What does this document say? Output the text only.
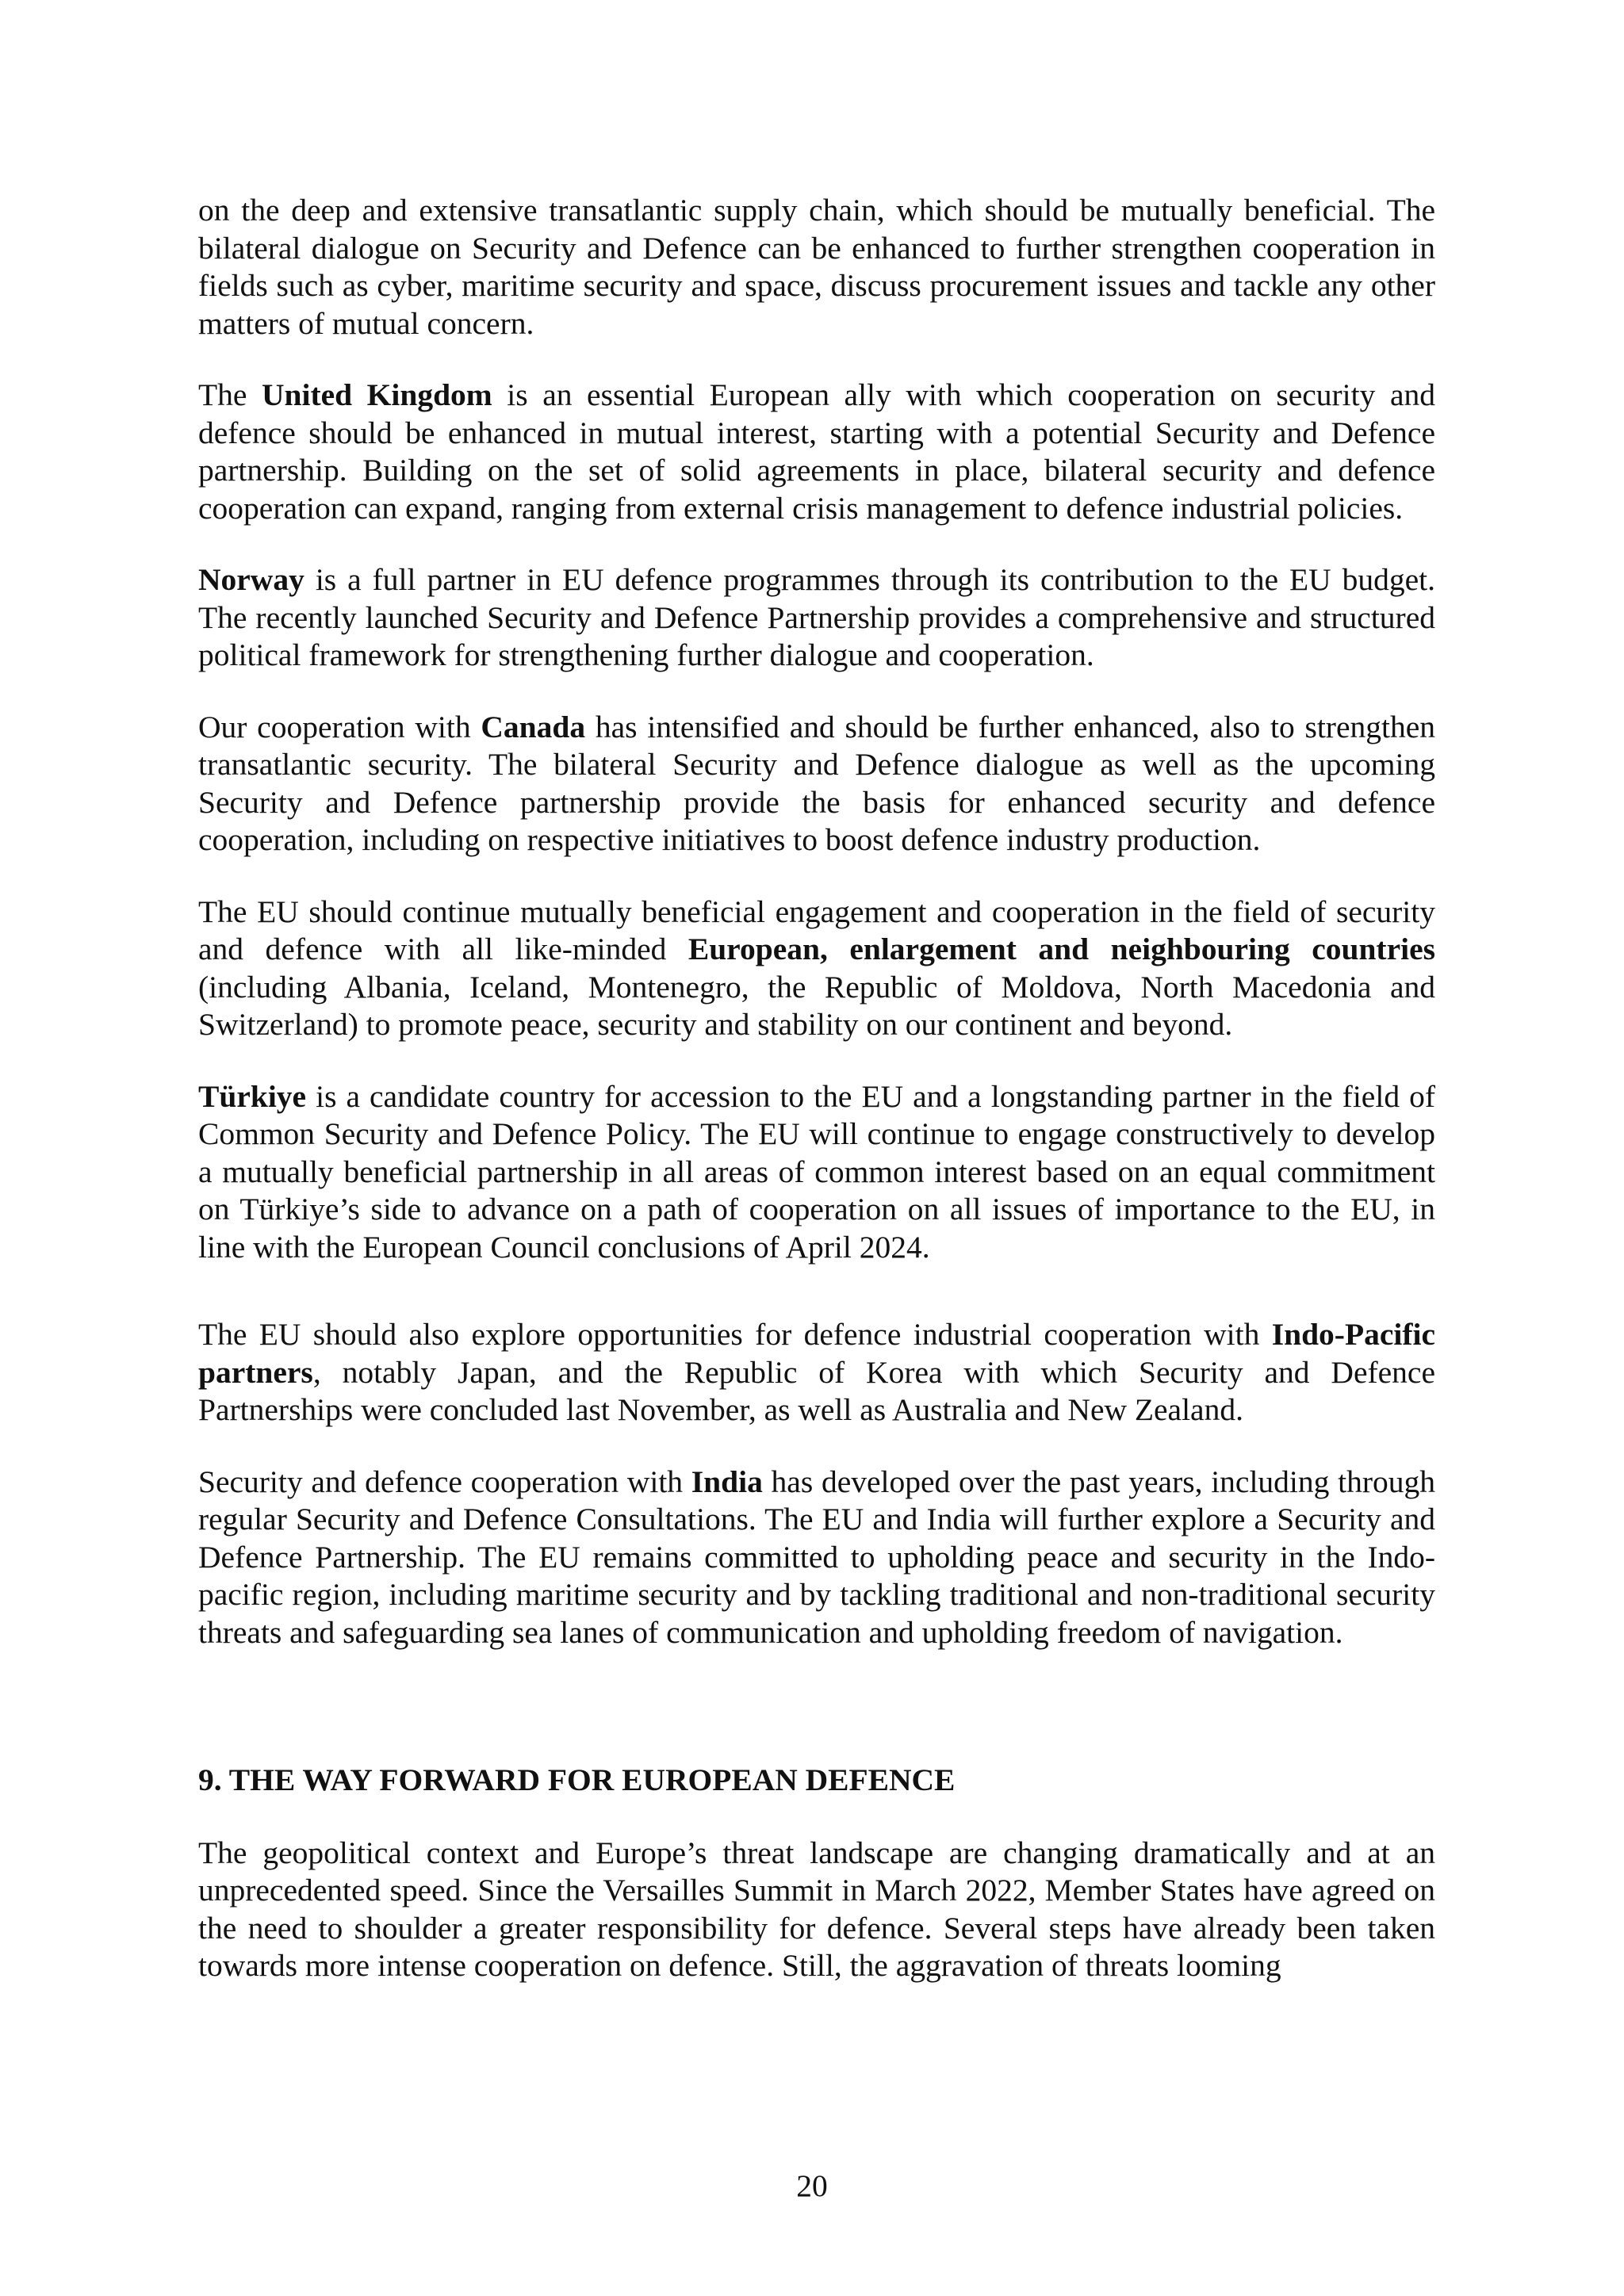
on the deep and extensive transatlantic supply chain, which should be mutually beneficial. The bilateral dialogue on Security and Defence can be enhanced to further strengthen cooperation in fields such as cyber, maritime security and space, discuss procurement issues and tackle any other matters of mutual concern.

The United Kingdom is an essential European ally with which cooperation on security and defence should be enhanced in mutual interest, starting with a potential Security and Defence partnership. Building on the set of solid agreements in place, bilateral security and defence cooperation can expand, ranging from external crisis management to defence industrial policies.

Norway is a full partner in EU defence programmes through its contribution to the EU budget. The recently launched Security and Defence Partnership provides a comprehensive and structured political framework for strengthening further dialogue and cooperation.

Our cooperation with Canada has intensified and should be further enhanced, also to strengthen transatlantic security. The bilateral Security and Defence dialogue as well as the upcoming Security and Defence partnership provide the basis for enhanced security and defence cooperation, including on respective initiatives to boost defence industry production.

The EU should continue mutually beneficial engagement and cooperation in the field of security and defence with all like-minded European, enlargement and neighbouring countries (including Albania, Iceland, Montenegro, the Republic of Moldova, North Macedonia and Switzerland) to promote peace, security and stability on our continent and beyond.

Türkiye is a candidate country for accession to the EU and a longstanding partner in the field of Common Security and Defence Policy. The EU will continue to engage constructively to develop a mutually beneficial partnership in all areas of common interest based on an equal commitment on Türkiye’s side to advance on a path of cooperation on all issues of importance to the EU, in line with the European Council conclusions of April 2024.

The EU should also explore opportunities for defence industrial cooperation with Indo-Pacific partners, notably Japan, and the Republic of Korea with which Security and Defence Partnerships were concluded last November, as well as Australia and New Zealand.

Security and defence cooperation with India has developed over the past years, including through regular Security and Defence Consultations. The EU and India will further explore a Security and Defence Partnership. The EU remains committed to upholding peace and security in the Indo-pacific region, including maritime security and by tackling traditional and non-traditional security threats and safeguarding sea lanes of communication and upholding freedom of navigation.

9. THE WAY FORWARD FOR EUROPEAN DEFENCE

The geopolitical context and Europe’s threat landscape are changing dramatically and at an unprecedented speed. Since the Versailles Summit in March 2022, Member States have agreed on the need to shoulder a greater responsibility for defence. Several steps have already been taken towards more intense cooperation on defence. Still, the aggravation of threats looming

20
